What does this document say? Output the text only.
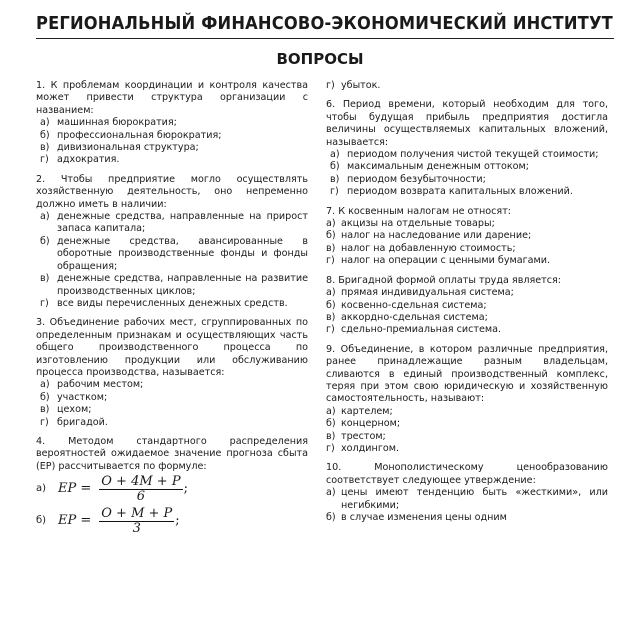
РЕГИОНАЛЬНЫЙ ФИНАНСОВО-ЭКОНОМИЧЕСКИЙ ИНСТИТУТ
ВОПРОСЫ
1. К проблемам координации и контроля качества может привести структура организации с названием:
а) машинная бюрократия;
б) профессиональная бюрократия;
в) дивизиональная структура;
г) адхократия.
2. Чтобы предприятие могло осуществлять хозяйственную деятельность, оно непременно должно иметь в наличии:
а) денежные средства, направленные на прирост запаса капитала;
б) денежные средства, авансированные в оборотные производственные фонды и фонды обращения;
в) денежные средства, направленные на развитие производственных циклов;
г) все виды перечисленных денежных средств.
3. Объединение рабочих мест, сгруппированных по определенным признакам и осуществляющих часть общего производственного процесса по изготовлению продукции или обслуживанию процесса производства, называется:
а) рабочим местом;
б) участком;
в) цехом;
г) бригадой.
4. Методом стандартного распределения вероятностей ожидаемое значение прогноза сбыта (EP) рассчитывается по формуле:
а) EP = $\frac{O + 4M + P}{6}$ ;
б) EP = $\frac{O + M + P}{3}$ ;
г) убыток.
6. Период времени, который необходим для того, чтобы будущая прибыль предприятия достигла величины осуществляемых капитальных вложений, называется:
а) периодом получения чистой текущей стоимости;
б) максимальным денежным оттоком;
в) периодом безубыточности;
г) периодом возврата капитальных вложений.
7. К косвенным налогам не относят:
а) акцизы на отдельные товары;
б) налог на наследование или дарение;
в) налог на добавленную стоимость;
г) налог на операции с ценными бумагами.
8. Бригадной формой оплаты труда является:
а) прямая индивидуальная система;
б) косвенно-сдельная система;
в) аккордно-сдельная система;
г) сдельно-премиальная система.
9. Объединение, в котором различные предприятия, ранее принадлежащие разным владельцам, сливаются в единый производственный комплекс, теряя при этом свою юридическую и хозяйственную самостоятельность, называют:
а) картелем;
б) концерном;
в) трестом;
г) холдингом.
10. Монополистическому ценообразованию соответствует следующее утверждение:
а) цены имеют тенденцию быть «жесткими», или негибкими;
б) в случае изменения цены одним
